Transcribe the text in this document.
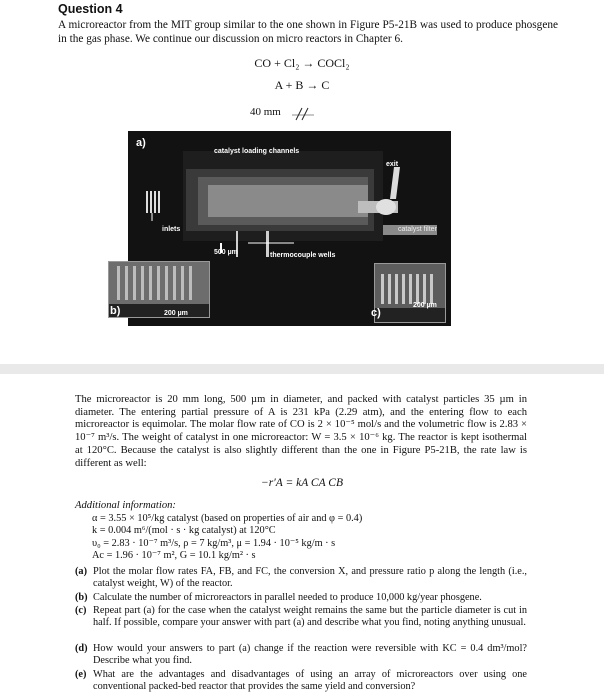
Question 4
A microreactor from the MIT group similar to the one shown in Figure P5-21B was used to produce phosgene in the gas phase. We continue our discussion on micro reactors in Chapter 6.
CO + Cl₂ → COCl₂
A + B → C
40 mm
a)
b)	c)
catalyst loading channels
exit
inlets	catalyst filter
500 µm	thermocouple wells
200 µm
200 µm
The microreactor is 20 mm long, 500 µm in diameter, and packed with catalyst particles 35 µm in diameter. The entering partial pressure of A is 231 kPa (2.29 atm), and the entering flow to each microreactor is equimolar. The molar flow rate of CO is 2 × 10⁻⁵ mol/s and the volumetric flow is 2.83 × 10⁻⁷ m³/s. The weight of catalyst in one microreactor: W = 3.5 × 10⁻⁶ kg. The reactor is kept isothermal at 120°C. Because the catalyst is also slightly different than the one in Figure P5-21B, the rate law is different as well:
−r′A = kA CA CB
Additional information:
α = 3.55 × 10⁵/kg catalyst (based on properties of air and φ = 0.4)
k = 0.004 m⁶/(mol · s · kg catalyst) at 120°C
υ₀ = 2.83 · 10⁻⁷ m³/s, ρ = 7 kg/m³, μ = 1.94 · 10⁻⁵ kg/m · s
Ac = 1.96 · 10⁻⁷ m², G = 10.1 kg/m² · s
(a) Plot the molar flow rates FA, FB, and FC, the conversion X, and pressure ratio p along the length (i.e., catalyst weight, W) of the reactor.
(b) Calculate the number of microreactors in parallel needed to produce 10,000 kg/year phosgene.
(c) Repeat part (a) for the case when the catalyst weight remains the same but the particle diameter is cut in half. If possible, compare your answer with part (a) and describe what you find, noting anything unusual.
(d) How would your answers to part (a) change if the reaction were reversible with KC = 0.4 dm³/mol? Describe what you find.
(e) What are the advantages and disadvantages of using an array of microreactors over using one conventional packed-bed reactor that provides the same yield and conversion?
